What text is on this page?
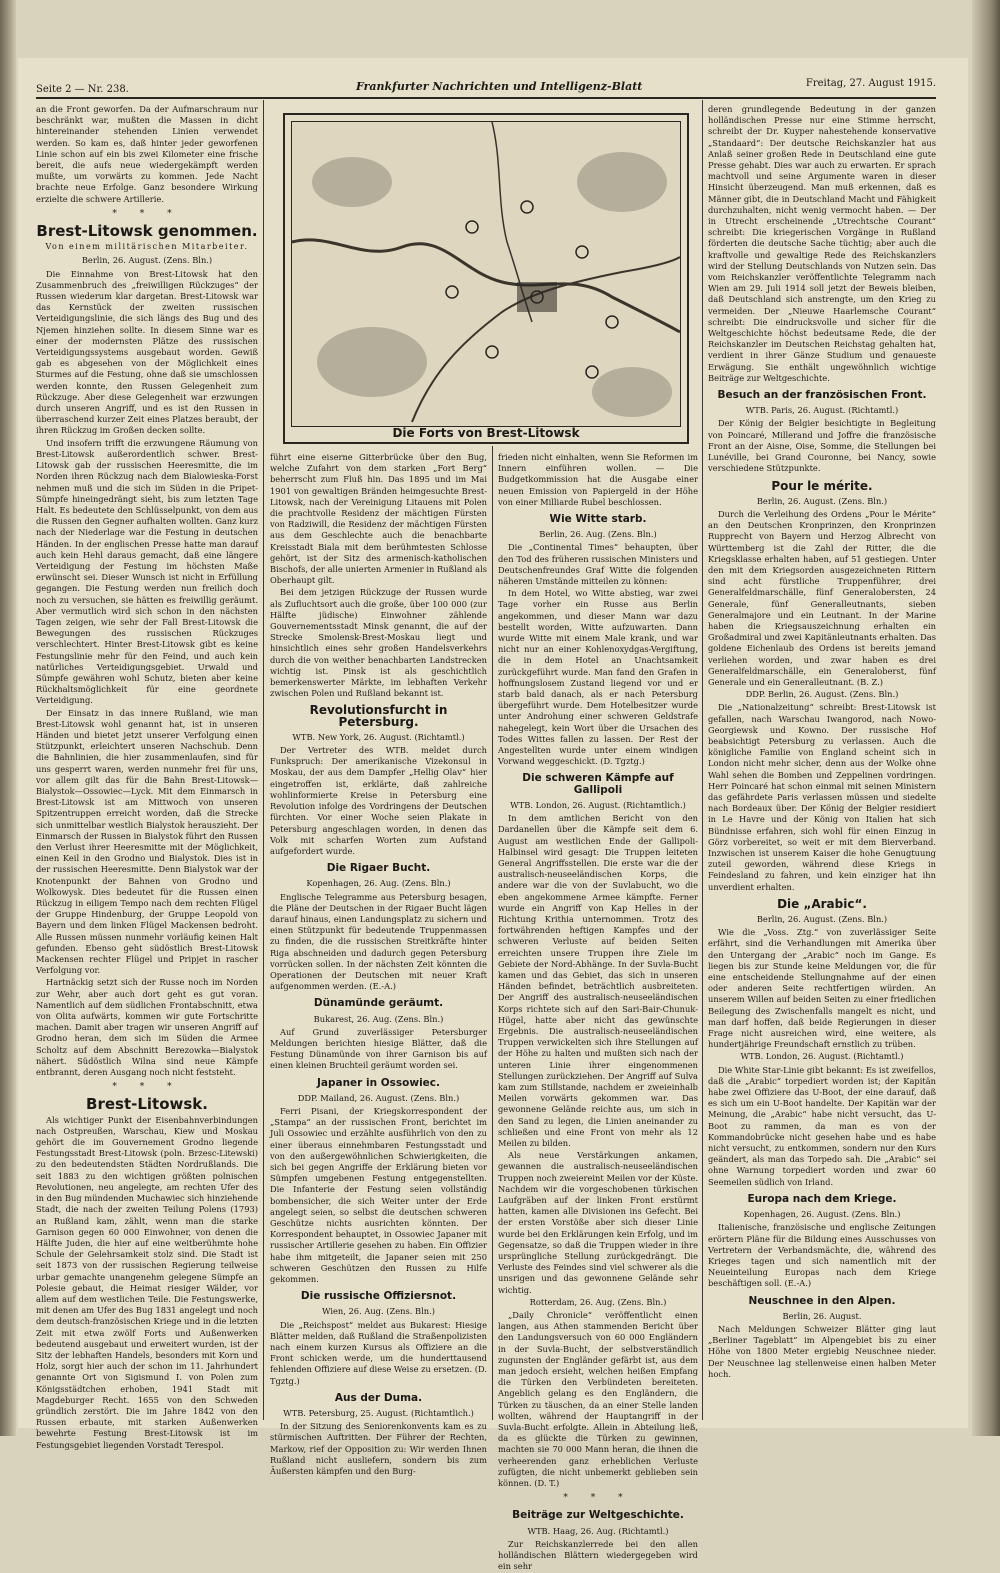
Seite 2 — Nr. 238.	Frankfurter Nachrichten und Intelligenz-Blatt	Freitag, 27. August 1915.

an die Front geworfen. Da der Aufmarschraum nur beschränkt war, mußten die Massen in dicht hintereinander stehenden Linien verwendet werden. So kam es, daß hinter jeder geworfenen Linie schon auf ein bis zwei Kilometer eine frische bereit, die aufs neue wiedergekämpft werden mußte, um vorwärts zu kommen. Jede Nacht brachte neue Erfolge. Ganz besondere Wirkung erzielte die schwere Artillerie.

* * *
Brest-Litowsk genommen.
Von einem militärischen Mitarbeiter.
Berlin, 26. August. (Zens. Bln.)

Die Einnahme von Brest-Litowsk hat den Zusammenbruch des „freiwilligen Rückzuges“ der Russen wiederum klar dargetan. Brest-Litowsk war das Kernstück der zweiten russischen Verteidigungslinie, die sich längs des Bug und des Njemen hinziehen sollte. In diesem Sinne war es einer der modernsten Plätze des russischen Verteidigungssystems ausgebaut worden. Gewiß gab es abgesehen von der Möglichkeit eines Sturmes auf die Festung, ohne daß sie umschlossen werden konnte, den Russen Gelegenheit zum Rückzuge. Aber diese Gelegenheit war erzwungen durch unseren Angriff, und es ist den Russen in überraschend kurzer Zeit eines Platzes beraubt, der ihren Rückzug im Großen decken sollte.

Und insofern trifft die erzwungene Räumung von Brest-Litowsk außerordentlich schwer. Brest-Litowsk gab der russischen Heeresmitte, die im Norden ihren Rückzug nach dem Bialowieska-Forst nehmen muß und die sich im Süden in die Pripet-Sümpfe hineingedrängt sieht, bis zum letzten Tage Halt. Es bedeutete den Schlüsselpunkt, von dem aus die Russen den Gegner aufhalten wollten. Ganz kurz nach der Niederlage war die Festung in deutschen Händen. In der englischen Presse hatte man darauf auch kein Hehl daraus gemacht, daß eine längere Verteidigung der Festung im höchsten Maße erwünscht sei. Dieser Wunsch ist nicht in Erfüllung gegangen. Die Festung werden nun freilich doch noch zu versuchen, sie hätten es freiwillig geräumt. Aber vermutlich wird sich schon in den nächsten Tagen zeigen, wie sehr der Fall Brest-Litowsk die Bewegungen des russischen Rückzuges verschlechtert. Hinter Brest-Litowsk gibt es keine Festungslinie mehr für den Feind, und auch kein natürliches Verteidigungsgebiet. Urwald und Sümpfe gewähren wohl Schutz, bieten aber keine Rückhaltsmöglichkeit für eine geordnete Verteidigung.

Der Einsatz in das innere Rußland, wie man Brest-Litowsk wohl genannt hat, ist in unseren Händen und bietet jetzt unserer Verfolgung einen Stützpunkt, erleichtert unseren Nachschub. Denn die Bahnlinien, die hier zusammenlaufen, sind für uns gesperrt waren, werden nunmehr frei für uns, vor allem gilt das für die Bahn Brest-Litowsk—Bialystok—Ossowiec—Lyck. Mit dem Einmarsch in Brest-Litowsk ist am Mittwoch von unseren Spitzentruppen erreicht worden, daß die Strecke sich unmittelbar westlich Bialystok herauszieht. Der Einmarsch der Russen in Bialystok führt den Russen den Verlust ihrer Heeresmitte mit der Möglichkeit, einen Keil in den Grodno und Bialystok. Dies ist in der russischen Heeresmitte. Denn Bialystok war der Knotenpunkt der Bahnen von Grodno und Wolkowysk. Dies bedeutet für die Russen einen Rückzug in eiligem Tempo nach dem rechten Flügel der Gruppe Hindenburg, der Gruppe Leopold von Bayern und dem linken Flügel Mackensen bedroht. Alle Russen müssen nunmehr vorläufig keinen Halt gefunden. Ebenso geht südöstlich Brest-Litowsk Mackensen rechter Flügel und Pripjet in rascher Verfolgung vor.

Hartnäckig setzt sich der Russe noch im Norden zur Wehr, aber auch dort geht es gut voran. Namentlich auf dem südlichen Frontabschnitt, etwa von Olita aufwärts, kommen wir gute Fortschritte machen. Damit aber tragen wir unseren Angriff auf Grodno heran, dem sich im Süden die Armee Scholtz auf dem Abschnitt Berezowka—Bialystok nähert. Südöstlich Wilna sind neue Kämpfe entbrannt, deren Ausgang noch nicht feststeht.

* * *
Brest-Litowsk.

Als wichtiger Punkt der Eisenbahnverbindungen nach Ostpreußen, Warschau, Kiew und Moskau gehört die im Gouvernement Grodno liegende Festungsstadt Brest-Litowsk (poln. Brzesc-Litewski) zu den bedeutendsten Städten Nordrußlands. Die seit 1883 zu den wichtigen größten polnischen Revolutionen, neu angelegte, am rechten Ufer des in den Bug mündenden Muchawiec sich hinziehende Stadt, die nach der zweiten Teilung Polens (1793) an Rußland kam, zählt, wenn man die starke Garnison gegen 60 000 Einwohner, von denen die Hälfte Juden, die hier auf eine weitberühmte hohe Schule der Gelehrsamkeit stolz sind. Die Stadt ist seit 1873 von der russischen Regierung teilweise urbar gemachte unangenehm gelegene Sümpfe an Polesie gebaut, die Heimat riesiger Wälder, vor allem auf dem westlichen Teile. Die Festungswerke, mit denen am Ufer des Bug 1831 angelegt und noch dem deutsch-französischen Kriege und in die letzten Zeit mit etwa zwölf Forts und Außenwerken bedeutend ausgebaut und erweitert wurden, ist der Sitz der lebhaften Handels, besonders mit Korn und Holz, sorgt hier auch der schon im 11. Jahrhundert genannte Ort von Sigismund I. von Polen zum Königsstädtchen erhoben, 1941 Stadt mit Magdeburger Recht. 1655 von den Schweden gründlich zerstört. Die im Jahre 1842 von den Russen erbaute, mit starken Außenwerken bewehrte Festung Brest-Litowsk ist im Festungsgebiet liegenden Vorstadt Terespol.

Die Forts von Brest-Litowsk

führt eine eiserne Gitterbrücke über den Bug, welche Zufahrt von dem starken „Fort Berg“ beherrscht zum Fluß hin. Das 1895 und im Mai 1901 von gewaltigen Bränden heimgesuchte Brest-Litowsk, nach der Vereinigung Litauens mit Polen die prachtvolle Residenz der mächtigen Fürsten von Radziwill, die Residenz der mächtigen Fürsten aus dem Geschlechte auch die benachbarte Kreisstadt Biala mit dem berühmtesten Schlosse gehört, ist der Sitz des armenisch-katholischen Bischofs, der alle unierten Armenier in Rußland als Oberhaupt gilt.

Bei dem jetzigen Rückzuge der Russen wurde als Zufluchtsort auch die große, über 100 000 (zur Hälfte jüdische) Einwohner zählende Gouvernementsstadt Minsk genannt, die auf der Strecke Smolensk-Brest-Moskau liegt und hinsichtlich eines sehr großen Handelsverkehrs durch die von weither benachbarten Landstrecken wichtig ist. Pinsk ist als geschichtlich bemerkenswerter Märkte, im lebhaften Verkehr zwischen Polen und Rußland bekannt ist.

Revolutionsfurcht in Petersburg.
WTB. New York, 26. August. (Richtamtl.)

Der Vertreter des WTB. meldet durch Funkspruch: Der amerikanische Vizekonsul in Moskau, der aus dem Dampfer „Hellig Olav“ hier eingetroffen ist, erklärte, daß zahlreiche wohlinformierte Kreise in Petersburg eine Revolution infolge des Vordringens der Deutschen fürchten. Vor einer Woche seien Plakate in Petersburg angeschlagen worden, in denen das Volk mit scharfen Worten zum Aufstand aufgefordert wurde.

Die Rigaer Bucht.
Kopenhagen, 26. Aug. (Zens. Bln.)

Englische Telegramme aus Petersburg besagen, die Pläne der Deutschen in der Rigaer Bucht lägen darauf hinaus, einen Landungsplatz zu sichern und einen Stützpunkt für bedeutende Truppenmassen zu finden, die die russischen Streitkräfte hinter Riga abschneiden und dadurch gegen Petersburg vorrücken sollen. In der nächsten Zeit könnten die Operationen der Deutschen mit neuer Kraft aufgenommen werden. (E.-A.)

Dünamünde geräumt.
Bukarest, 26. Aug. (Zens. Bln.)

Auf Grund zuverlässiger Petersburger Meldungen berichten hiesige Blätter, daß die Festung Dünamünde von ihrer Garnison bis auf einen kleinen Bruchteil geräumt worden sei.

Japaner in Ossowiec.
DDP. Mailand, 26. August. (Zens. Bln.)

Ferri Pisani, der Kriegskorrespondent der „Stampa“ an der russischen Front, berichtet im Juli Ossowiec und erzählte ausführlich von den zu einer überaus einnehmbaren Festungsstadt und von den außergewöhnlichen Schwierigkeiten, die sich bei gegen Angriffe der Erklärung bieten vor Sümpfen umgebenen Festung entgegenstellten. Die Infanterie der Festung seien vollständig bombensicher, die sich Weiter unter der Erde angelegt seien, so selbst die deutschen schweren Geschütze nichts ausrichten könnten. Der Korrespondent behauptet, in Ossowiec Japaner mit russischer Artillerie gesehen zu haben. Ein Offizier habe ihm mitgeteilt, die Japaner seien mit 250 schweren Geschützen den Russen zu Hilfe gekommen.

Die russische Offiziersnot.
Wien, 26. Aug. (Zens. Bln.)

Die „Reichspost“ meldet aus Bukarest: Hiesige Blätter melden, daß Rußland die Straßenpolizisten nach einem kurzen Kursus als Offiziere an die Front schicken werde, um die hunderttausend fehlenden Offiziere auf diese Weise zu ersetzen. (D. Tgztg.)

Aus der Duma.
WTB. Petersburg, 25. August. (Richtamtlich.)

In der Sitzung des Seniorenkonvents kam es zu stürmischen Auftritten. Der Führer der Rechten, Markow, rief der Opposition zu: Wir werden Ihnen Rußland nicht ausliefern, sondern bis zum Äußersten kämpfen und den Burg-

frieden nicht einhalten, wenn Sie Reformen im Innern einführen wollen. — Die Budgetkommission hat die Ausgabe einer neuen Emission von Papiergeld in der Höhe von einer Milliarde Rubel beschlossen.

Wie Witte starb.
Berlin, 26. Aug. (Zens. Bln.)

Die „Continental Times“ behaupten, über den Tod des früheren russischen Ministers und Deutschenfreundes Graf Witte die folgenden näheren Umstände mitteilen zu können:

In dem Hotel, wo Witte abstieg, war zwei Tage vorher ein Russe aus Berlin angekommen, und dieser Mann war dazu bestellt worden, Witte aufzuwarten. Dann wurde Witte mit einem Male krank, und war nicht nur an einer Kohlenoxydgas-Vergiftung, die in dem Hotel an Unachtsamkeit zurückgeführt wurde. Man fand den Grafen in hoffnungslosem Zustand liegend vor und er starb bald danach, als er nach Petersburg übergeführt wurde. Dem Hotelbesitzer wurde unter Androhung einer schweren Geldstrafe nahegelegt, kein Wort über die Ursachen des Todes Wittes fallen zu lassen. Der Rest der Angestellten wurde unter einem windigen Vorwand weggeschickt. (D. Tgztg.)

Die schweren Kämpfe auf Gallipoli
WTB. London, 26. August. (Richtamtlich.)

In dem amtlichen Bericht von den Dardanellen über die Kämpfe seit dem 6. August am westlichen Ende der Gallipoli-Halbinsel wird gesagt: Die Truppen leiteten General Angriffsstellen. Die erste war die der australisch-neuseeländischen Korps, die andere war die von der Suvlabucht, wo die eben angekommene Armee kämpfte. Ferner wurde ein Angriff von Kap Helles in der Richtung Krithia unternommen. Trotz des fortwährenden heftigen Kampfes und der schweren Verluste auf beiden Seiten erreichten unsere Truppen ihre Ziele im Gebiete der Nord-Abhänge. In der Suvla-Bucht kamen und das Gebiet, das sich in unseren Händen befindet, beträchtlich ausbreiteten. Der Angriff des australisch-neuseeländischen Korps richtete sich auf den Sari-Bair-Chunuk-Hügel, hatte aber nicht das gewünschte Ergebnis. Die australisch-neuseeländischen Truppen verwickelten sich ihre Stellungen auf der Höhe zu halten und mußten sich nach der unteren Linie ihrer eingenommenen Stellungen zurückziehen. Der Angriff auf Sulva kam zum Stillstande, nachdem er zweieinhalb Meilen vorwärts gekommen war. Das gewonnene Gelände reichte aus, um sich in den Sand zu legen, die Linien aneinander zu schließen und eine Front von mehr als 12 Meilen zu bilden.

Als neue Verstärkungen ankamen, gewannen die australisch-neuseeländischen Truppen noch zweiereint Meilen vor der Küste. Nachdem wir die vorgeschobenen türkischen Laufgräben auf der linken Front erstürmt hatten, kamen alle Divisionen ins Gefecht. Bei der ersten Vorstöße aber sich dieser Linie wurde bei den Erklärungen kein Erfolg, und im Gegensatze, so daß die Truppen wieder in ihre ursprüngliche Stellung zurückgedrängt. Die Verluste des Feindes sind viel schwerer als die unsrigen und das gewonnene Gelände sehr wichtig.

Rotterdam, 26. Aug. (Zens. Bln.)

„Daily Chronicle“ veröffentlicht einen langen, aus Athen stammenden Bericht über den Landungsversuch von 60 000 Engländern in der Suvla-Bucht, der selbstverständlich zugunsten der Engländer gefärbt ist, aus dem man jedoch ersieht, welchen heißen Empfang die Türken den Verbündeten bereiteten. Angeblich gelang es den Engländern, die Türken zu täuschen, da an einer Stelle landen wollten, während der Hauptangriff in der Suvla-Bucht erfolgte. Allein in Abteilung ließ, da es glückte die Türken zu gewinnen, machten sie 70 000 Mann heran, die ihnen die verheerenden ganz erheblichen Verluste zufügten, die nicht unbemerkt geblieben sein können. (D. T.)

* * *
Beiträge zur Weltgeschichte.
WTB. Haag, 26. Aug. (Richtamtl.)

Zur Reichskanzlerrede bei den allen holländischen Blättern wiedergegeben wird ein sehr

deren grundlegende Bedeutung in der ganzen holländischen Presse nur eine Stimme herrscht, schreibt der Dr. Kuyper nahestehende konservative „Standaard“: Der deutsche Reichskanzler hat aus Anlaß seiner großen Rede in Deutschland eine gute Presse gehabt. Dies war auch zu erwarten. Er sprach machtvoll und seine Argumente waren in dieser Hinsicht überzeugend. Man muß erkennen, daß es Männer gibt, die in Deutschland Macht und Fähigkeit durchzuhalten, nicht wenig vermocht haben. — Der in Utrecht erscheinende „Utrechtsche Courant“ schreibt: Die kriegerischen Vorgänge in Rußland förderten die deutsche Sache tüchtig; aber auch die kraftvolle und gewaltige Rede des Reichskanzlers wird der Stellung Deutschlands von Nutzen sein. Das vom Reichskanzler veröffentlichte Telegramm nach Wien am 29. Juli 1914 soll jetzt der Beweis bleiben, daß Deutschland sich anstrengte, um den Krieg zu vermeiden. Der „Nieuwe Haarlemsche Courant“ schreibt: Die eindrucksvolle und sicher für die Weltgeschichte höchst bedeutsame Rede, die der Reichskanzler im Deutschen Reichstag gehalten hat, verdient in ihrer Gänze Studium und genaueste Erwägung. Sie enthält ungewöhnlich wichtige Beiträge zur Weltgeschichte.

Besuch an der französischen Front.
WTB. Paris, 26. August. (Richtamtl.)

Der König der Belgier besichtigte in Begleitung von Poincaré, Millerand und Joffre die französische Front an der Aisne, Oise, Somme, die Stellungen bei Lunéville, bei Grand Couronne, bei Nancy, sowie verschiedene Stützpunkte.

Pour le mérite.
Berlin, 26. August. (Zens. Bln.)

Durch die Verleihung des Ordens „Pour le Mérite“ an den Deutschen Kronprinzen, den Kronprinzen Rupprecht von Bayern und Herzog Albrecht von Württemberg ist die Zahl der Ritter, die die Kriegsklasse erhalten haben, auf 51 gestiegen. Unter den mit dem Kriegsorden ausgezeichneten Rittern sind acht fürstliche Truppenführer, drei Generalfeldmarschälle, fünf Generalobersten, 24 Generale, fünf Generalleutnants, sieben Generalmajore und ein Leutnant. In der Marine haben die Kriegsauszeichnung erhalten ein Großadmiral und zwei Kapitänleutnants erhalten. Das goldene Eichenlaub des Ordens ist bereits jemand verliehen worden, und zwar haben es drei Generalfeldmarschälle, ein Generaloberst, fünf Generale und ein Generalleutnant. (B. Z.)

DDP. Berlin, 26. August. (Zens. Bln.)

Die „Nationalzeitung“ schreibt: Brest-Litowsk ist gefallen, nach Warschau Iwangorod, nach Nowo-Georgiewsk und Kowno. Der russische Hof beabsichtigt Petersburg zu verlassen. Auch die königliche Familie von England scheint sich in London nicht mehr sicher, denn aus der Wolke ohne Wahl sehen die Bomben und Zeppelinen vordringen. Herr Poincaré hat schon einmal mit seinen Ministern das gefährdete Paris verlassen müssen und siedelte nach Bordeaux über. Der König der Belgier residiert in Le Havre und der König von Italien hat sich Bündnisse erfahren, sich wohl für einen Einzug in Görz vorbereitet, so weit er mit dem Bierverband. Inzwischen ist unserem Kaiser die hohe Genugtuung zuteil geworden, während diese Kriegs in Feindesland zu fahren, und kein einziger hat ihn unverdient erhalten.

Die „Arabic“.
Berlin, 26. August. (Zens. Bln.)

Wie die „Voss. Ztg.“ von zuverlässiger Seite erfährt, sind die Verhandlungen mit Amerika über den Untergang der „Arabic“ noch im Gange. Es liegen bis zur Stunde keine Meldungen vor, die für eine entscheidende Stellungnahme auf der einen oder anderen Seite rechtfertigen würden. An unserem Willen auf beiden Seiten zu einer friedlichen Beilegung des Zwischenfalls mangelt es nicht, und man darf hoffen, daß beide Regierungen in dieser Frage nicht ausreichen wird, eine weitere, als hundertjährige Freundschaft ernstlich zu trüben.

WTB. London, 26. August. (Richtamtl.)

Die White Star-Linie gibt bekannt: Es ist zweifellos, daß die „Arabic“ torpediert worden ist; der Kapitän habe zwei Offiziere das U-Boot, der eine darauf, daß es sich um ein U-Boot handelte. Der Kapitän war der Meinung, die „Arabic“ habe nicht versucht, das U-Boot zu rammen, da man es von der Kommandobrücke nicht gesehen habe und es habe nicht versucht, zu entkommen, sondern nur den Kurs geändert, als man das Torpedo sah. Die „Arabic“ sei ohne Warnung torpediert worden und zwar 60 Seemeilen südlich von Irland.

Europa nach dem Kriege.
Kopenhagen, 26. August. (Zens. Bln.)

Italienische, französische und englische Zeitungen erörtern Pläne für die Bildung eines Ausschusses von Vertretern der Verbandsmächte, die, während des Krieges tagen und sich namentlich mit der Neueinteilung Europas nach dem Kriege beschäftigen soll. (E.-A.)

Neuschnee in den Alpen.
Berlin, 26. August.

Nach Meldungen Schweizer Blätter ging laut „Berliner Tageblatt“ im Alpengebiet bis zu einer Höhe von 1800 Meter ergiebig Neuschnee nieder. Der Neuschnee lag stellenweise einen halben Meter hoch.
